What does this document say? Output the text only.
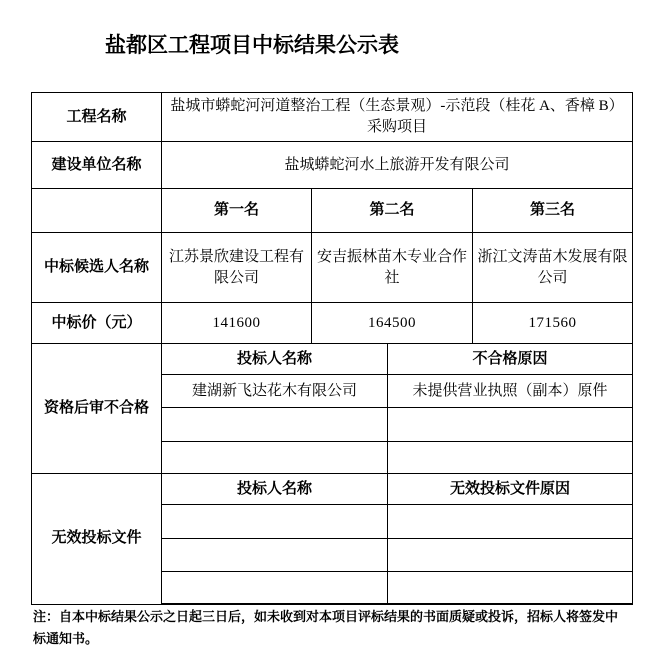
盐都区工程项目中标结果公示表
工程名称	盐城市蟒蛇河河道整治工程（生态景观）-示范段（桂花 A、香樟 B）采购项目			
建设单位名称	盐城蟒蛇河水上旅游开发有限公司			
	第一名	第二名		第三名
中标候选人名称	江苏景欣建设工程有限公司	安吉振林苗木专业合作社		浙江文涛苗木发展有限公司
中标价（元）	141600	164500		171560
资格后审不合格	投标人名称		不合格原因	
	建湖新飞达花木有限公司		未提供营业执照（副本）原件	

无效投标文件	投标人名称		无效投标文件原因	

注：自本中标结果公示之日起三日后，如未收到对本项目评标结果的书面质疑或投诉，招标人将签发中标通知书。
